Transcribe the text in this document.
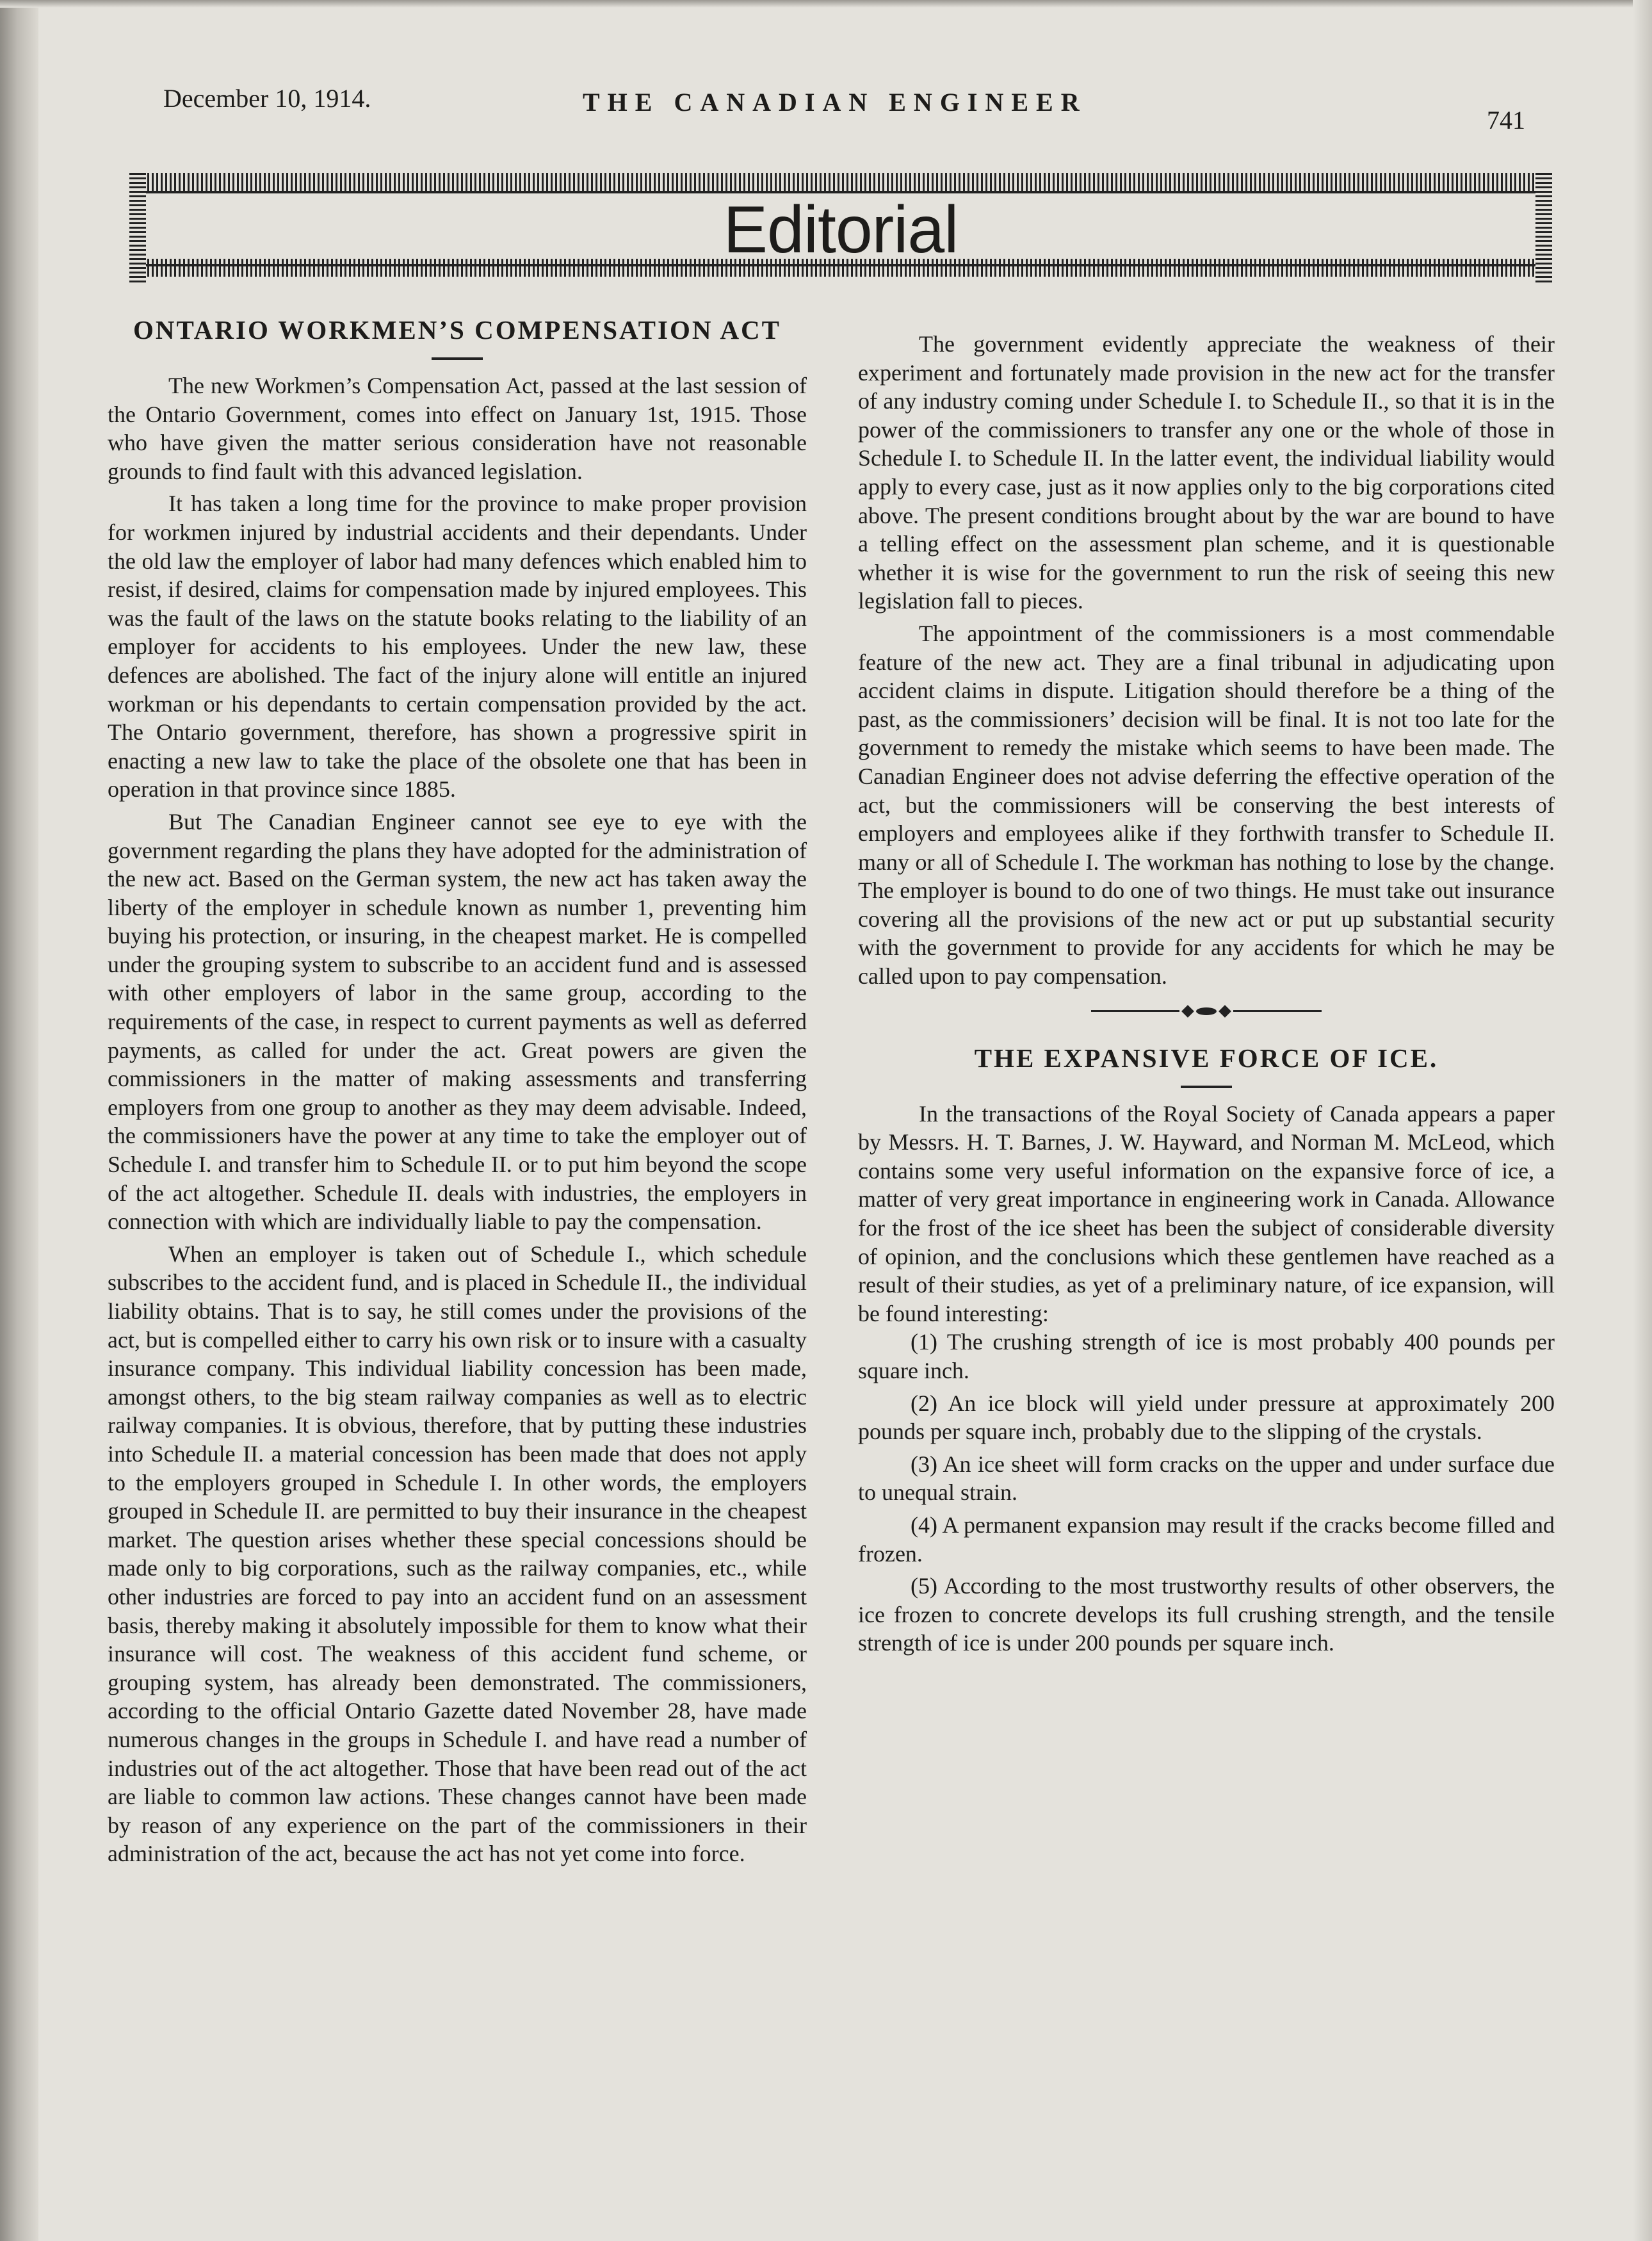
December 10, 1914.	THE CANADIAN ENGINEER
741
Editorial
ONTARIO WORKMEN’S COMPENSATION ACT

The new Workmen’s Compensation Act, passed at the last session of the Ontario Government, comes into effect on January 1st, 1915. Those who have given the matter serious consideration have not reasonable grounds to find fault with this advanced legislation.

It has taken a long time for the province to make proper provision for workmen injured by industrial accidents and their dependants. Under the old law the employer of labor had many defences which enabled him to resist, if desired, claims for compensation made by injured employees. This was the fault of the laws on the statute books relating to the liability of an employer for accidents to his employees. Under the new law, these defences are abolished. The fact of the injury alone will entitle an injured workman or his dependants to certain compensation provided by the act. The Ontario government, therefore, has shown a progressive spirit in enacting a new law to take the place of the obsolete one that has been in operation in that province since 1885.

But The Canadian Engineer cannot see eye to eye with the government regarding the plans they have adopted for the administration of the new act. Based on the German system, the new act has taken away the liberty of the employer in schedule known as number 1, preventing him buying his protection, or insuring, in the cheapest market. He is compelled under the grouping system to subscribe to an accident fund and is assessed with other employers of labor in the same group, according to the requirements of the case, in respect to current payments as well as deferred payments, as called for under the act. Great powers are given the commissioners in the matter of making assessments and transferring employers from one group to another as they may deem advisable. Indeed, the commissioners have the power at any time to take the employer out of Schedule I. and transfer him to Schedule II. or to put him beyond the scope of the act altogether. Schedule II. deals with industries, the employers in connection with which are individually liable to pay the compensation.

When an employer is taken out of Schedule I., which schedule subscribes to the accident fund, and is placed in Schedule II., the individual liability obtains. That is to say, he still comes under the provisions of the act, but is compelled either to carry his own risk or to insure with a casualty insurance company. This individual liability concession has been made, amongst others, to the big steam railway companies as well as to electric railway companies. It is obvious, therefore, that by putting these industries into Schedule II. a material concession has been made that does not apply to the employers grouped in Schedule I. In other words, the employers grouped in Schedule II. are permitted to buy their insurance in the cheapest market. The question arises whether these special concessions should be made only to big corporations, such as the railway companies, etc., while other industries are forced to pay into an accident fund on an assessment basis, thereby making it absolutely impossible for them to know what their insurance will cost. The weakness of this accident fund scheme, or grouping system, has already been demonstrated. The commissioners, according to the official Ontario Gazette dated November 28, have made numerous changes in the groups in Schedule I. and have read a number of industries out of the act altogether. Those that have been read out of the act are liable to common law actions. These changes cannot have been made by reason of any experience on the part of the commissioners in their administration of the act, because the act has not yet come into force.

The government evidently appreciate the weakness of their experiment and fortunately made provision in the new act for the transfer of any industry coming under Schedule I. to Schedule II., so that it is in the power of the commissioners to transfer any one or the whole of those in Schedule I. to Schedule II. In the latter event, the individual liability would apply to every case, just as it now applies only to the big corporations cited above. The present conditions brought about by the war are bound to have a telling effect on the assessment plan scheme, and it is questionable whether it is wise for the government to run the risk of seeing this new legislation fall to pieces.

The appointment of the commissioners is a most commendable feature of the new act. They are a final tribunal in adjudicating upon accident claims in dispute. Litigation should therefore be a thing of the past, as the commissioners’ decision will be final. It is not too late for the government to remedy the mistake which seems to have been made. The Canadian Engineer does not advise deferring the effective operation of the act, but the commissioners will be conserving the best interests of employers and employees alike if they forthwith transfer to Schedule II. many or all of Schedule I. The workman has nothing to lose by the change. The employer is bound to do one of two things. He must take out insurance covering all the provisions of the new act or put up substantial security with the government to provide for any accidents for which he may be called upon to pay compensation.

THE EXPANSIVE FORCE OF ICE.

In the transactions of the Royal Society of Canada appears a paper by Messrs. H. T. Barnes, J. W. Hayward, and Norman M. McLeod, which contains some very useful information on the expansive force of ice, a matter of very great importance in engineering work in Canada. Allowance for the frost of the ice sheet has been the subject of considerable diversity of opinion, and the conclusions which these gentlemen have reached as a result of their studies, as yet of a preliminary nature, of ice expansion, will be found interesting:

(1) The crushing strength of ice is most probably 400 pounds per square inch.

(2) An ice block will yield under pressure at approximately 200 pounds per square inch, probably due to the slipping of the crystals.

(3) An ice sheet will form cracks on the upper and under surface due to unequal strain.

(4) A permanent expansion may result if the cracks become filled and frozen.

(5) According to the most trustworthy results of other observers, the ice frozen to concrete develops its full crushing strength, and the tensile strength of ice is under 200 pounds per square inch.
